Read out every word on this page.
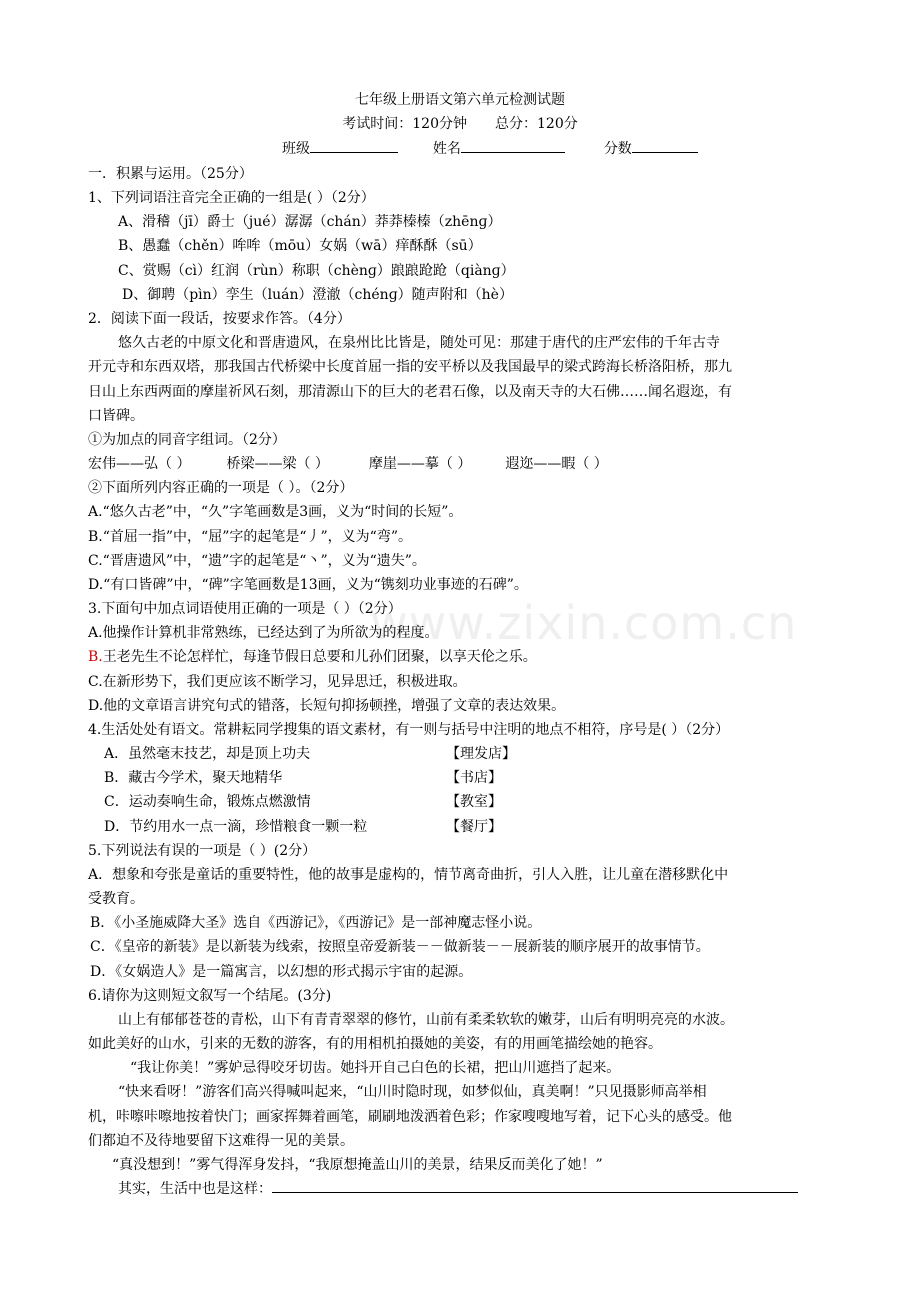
www.zixin.com.cn
七年级上册语文第六单元检测试题
考试时间：120分钟 总分：120分
班级	姓名	分数
一．积累与运用。（25分）
1、下列词语注音完全正确的一组是( ）（2分）
A、滑稽（jī）爵士（jué）潺潺（chán）莽莽榛榛（zhēnɡ）
B、愚蠢（chěn）哞哞（mōu）女娲（wā）痒酥酥（sū）
C、赏赐（cì）红润（rùn）称职（chènɡ）踉踉跄跄（qiànɡ）
D、御聘（pìn）孪生（luán）澄澈（chénɡ）随声附和（hè）
2．阅读下面一段话，按要求作答。（4分）
悠久古老的中原文化和晋唐遗风，在泉州比比皆是，随处可见：那建于唐代的庄严宏伟的千年古寺
开元寺和东西双塔，那我国古代桥梁中长度首屈一指的安平桥以及我国最早的梁式跨海长桥洛阳桥，那九
日山上东西两面的摩崖祈风石刻，那清源山下的巨大的老君石像，以及南天寺的大石佛……闻名遐迩，有
口皆碑。
①为加点的同音字组词。（2分）
宏伟——弘（ ）	桥梁——梁（ ）	摩崖——摹（ ） 遐迩——暇（ ）
②下面所列内容正确的一项是（ ）。（2分）
A.“悠久古老”中，“久”字笔画数是3画，义为“时间的长短”。
B.“首屈一指”中，“屈”字的起笔是“丿”，义为“弯”。
C.“晋唐遗风”中，“遗”字的起笔是“丶”，义为“遗失”。
D.“有口皆碑”中，“碑”字笔画数是13画，义为“镌刻功业事迹的石碑”。
3.下面句中加点词语使用正确的一项是（ ）（2分）
A.他操作计算机非常熟练，已经达到了为所欲为的程度。
B.王老先生不论怎样忙，每逢节假日总要和儿孙们团聚，以享天伦之乐。
C.在新形势下，我们更应该不断学习，见异思迁，积极进取。
D.他的文章语言讲究句式的错落，长短句抑扬顿挫，增强了文章的表达效果。
4.生活处处有语文。常耕耘同学搜集的语文素材，有一则与括号中注明的地点不相符，序号是( ）（2分）
A．虽然毫末技艺，却是顶上功夫	【理发店】
B．藏古今学术，聚天地精华	【书店】
C．运动奏响生命，锻炼点燃激情	【教室】
D．节约用水一点一滴，珍惜粮食一颗一粒	【餐厅】
5.下列说法有误的一项是（ ）(2分）
A．想象和夸张是童话的重要特性，他的故事是虚构的，情节离奇曲折，引人入胜，让儿童在潜移默化中
受教育。
B．《小圣施威降大圣》选自《西游记》，《西游记》是一部神魔志怪小说。
C．《皇帝的新装》是以新装为线索，按照皇帝爱新装－－做新装－－展新装的顺序展开的故事情节。
D．《女娲造人》是一篇寓言，以幻想的形式揭示宇宙的起源。
6.请你为这则短文叙写一个结尾。(3分)
山上有郁郁苍苍的青松，山下有青青翠翠的修竹，山前有柔柔软软的嫩芽，山后有明明亮亮的水波。
如此美好的山水，引来的无数的游客，有的用相机拍摄她的美姿，有的用画笔描绘她的艳容。
“我让你美！”雾妒忌得咬牙切齿。她抖开自己白色的长裙，把山川遮挡了起来。
“快来看呀！”游客们高兴得喊叫起来，“山川时隐时现，如梦似仙，真美啊！”只见摄影师高举相
机，咔嚓咔嚓地按着快门；画家挥舞着画笔，刷刷地泼洒着色彩；作家嗖嗖地写着，记下心头的感受。他
们都迫不及待地要留下这难得一见的美景。
“真没想到！”雾气得浑身发抖，“我原想掩盖山川的美景，结果反而美化了她！”
其实，生活中也是这样：
